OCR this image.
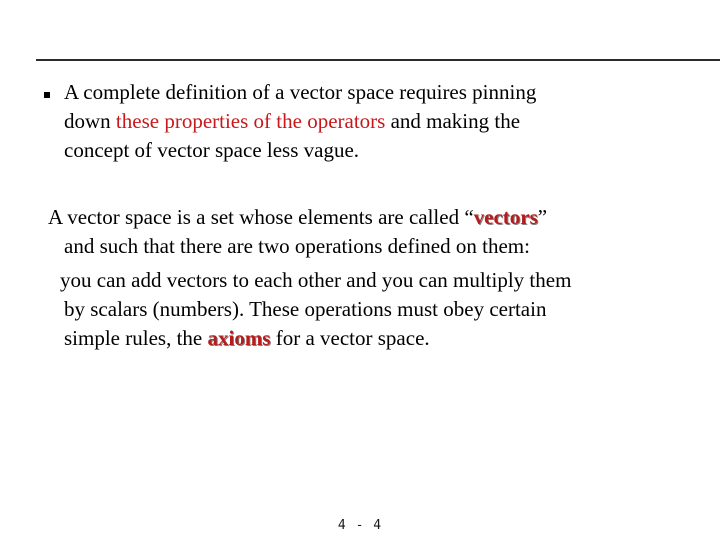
A complete definition of a vector space requires pinning
down these properties of the operators and making the
concept of vector space less vague.
A vector space is a set whose elements are called “vectors”
and such that there are two operations defined on them:
you can add vectors to each other and you can multiply them
by scalars (numbers). These operations must obey certain
simple rules, the axioms for a vector space.
4 - 4
